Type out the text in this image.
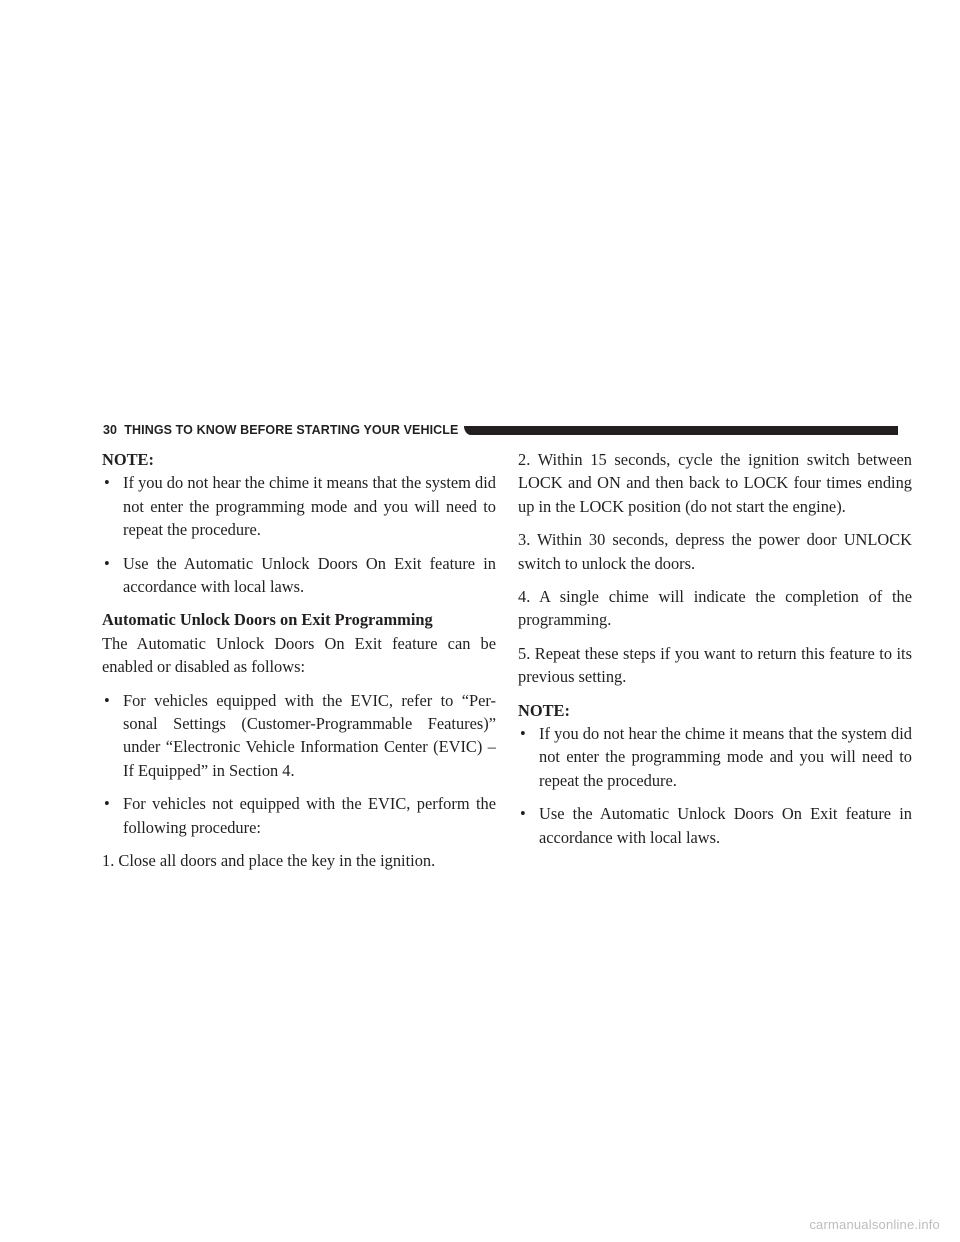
30 THINGS TO KNOW BEFORE STARTING YOUR VEHICLE

NOTE:

• If you do not hear the chime it means that the system did not enter the programming mode and you will need to repeat the procedure.
• Use the Automatic Unlock Doors On Exit feature in accordance with local laws.

Automatic Unlock Doors on Exit Programming

The Automatic Unlock Doors On Exit feature can be enabled or disabled as follows:

• For vehicles equipped with the EVIC, refer to “Per-sonal Settings (Customer-Programmable Features)” under “Electronic Vehicle Information Center (EVIC) – If Equipped” in Section 4.
• For vehicles not equipped with the EVIC, perform the following procedure:

1. Close all doors and place the key in the ignition.

2. Within 15 seconds, cycle the ignition switch between LOCK and ON and then back to LOCK four times ending up in the LOCK position (do not start the engine).

3. Within 30 seconds, depress the power door UNLOCK switch to unlock the doors.

4. A single chime will indicate the completion of the programming.

5. Repeat these steps if you want to return this feature to its previous setting.

NOTE:

• If you do not hear the chime it means that the system did not enter the programming mode and you will need to repeat the procedure.
• Use the Automatic Unlock Doors On Exit feature in accordance with local laws.
carmanualsonline.info
